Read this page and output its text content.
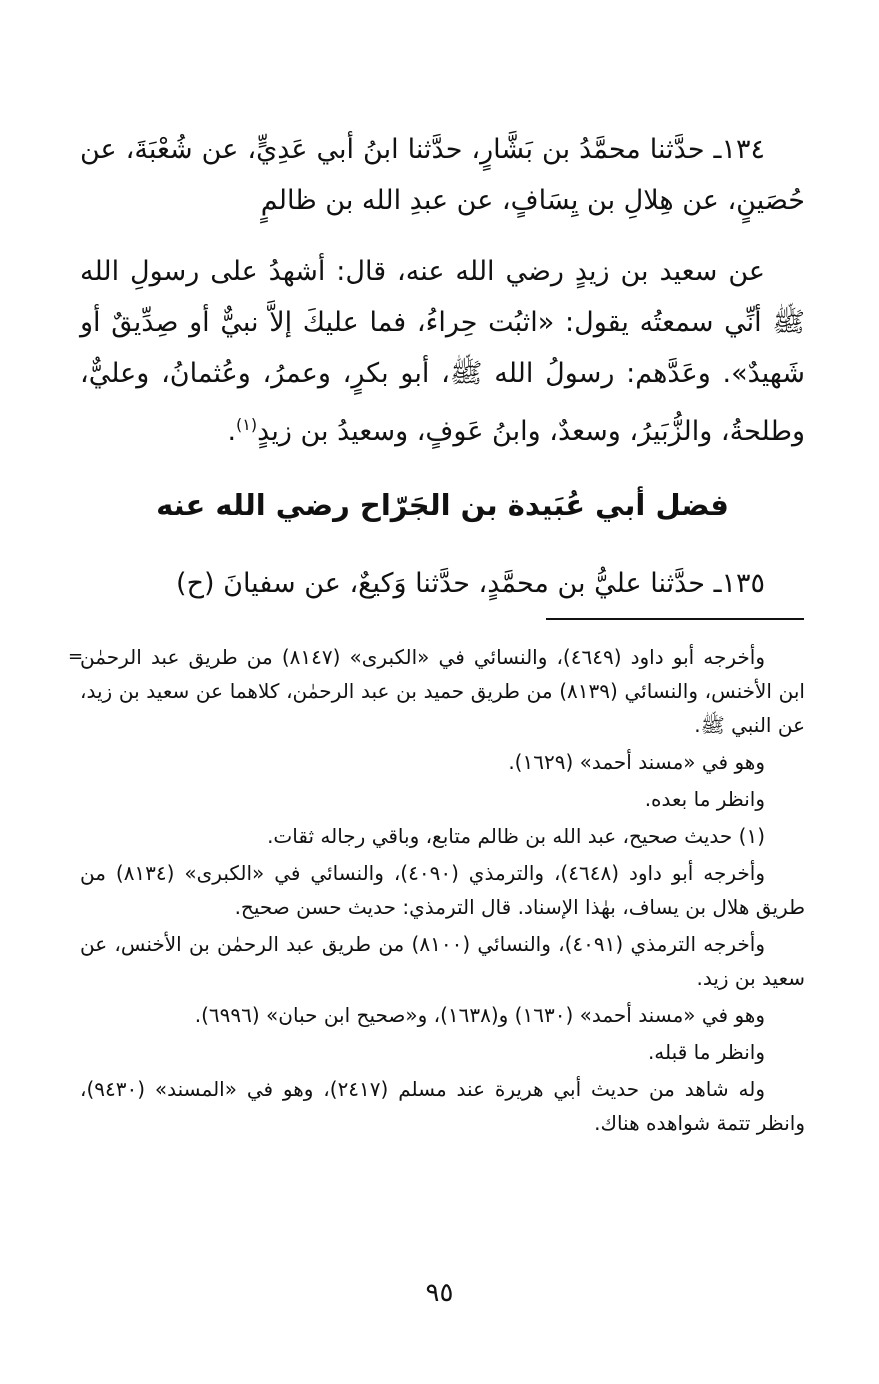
١٣٤ـ حدَّثنا محمَّدُ بن بَشَّارٍ، حدَّثنا ابنُ أبي عَدِيٍّ، عن شُعْبَةَ، عن حُصَينٍ، عن هِلالِ بن يِسَافٍ، عن عبدِ الله بن ظالمٍ

عن سعيد بن زيدٍ رضي الله عنه، قال: أشهدُ على رسولِ الله ﷺ أنِّي سمعتُه يقول: «اثبُت حِراءُ، فما عليكَ إلاَّ نبيٌّ أو صِدِّيقٌ أو شَهيدٌ». وعَدَّهم: رسولُ الله ﷺ، أبو بكرٍ، وعمرُ، وعُثمانُ، وعليٌّ، وطلحةُ، والزُّبَيرُ، وسعدٌ، وابنُ عَوفٍ، وسعيدُ بن زيدٍ$^{(١)}$.

فضل أبي عُبَيدة بن الجَرّاح رضي الله عنه

١٣٥ـ حدَّثنا عليُّ بن محمَّدٍ، حدَّثنا وَكيعٌ، عن سفيانَ (ح)

=

وأخرجه أبو داود (٤٦٤٩)، والنسائي في «الكبرى» (٨١٤٧) من طريق عبد الرحمٰن ابن الأخنس، والنسائي (٨١٣٩) من طريق حميد بن عبد الرحمٰن، كلاهما عن سعيد بن زيد، عن النبي ﷺ.

وهو في «مسند أحمد» (١٦٢٩).

وانظر ما بعده.

(١) حديث صحيح، عبد الله بن ظالم متابع، وباقي رجاله ثقات.

وأخرجه أبو داود (٤٦٤٨)، والترمذي (٤٠٩٠)، والنسائي في «الكبرى» (٨١٣٤) من طريق هلال بن يساف، بهٰذا الإسناد. قال الترمذي: حديث حسن صحيح.

وأخرجه الترمذي (٤٠٩١)، والنسائي (٨١٠٠) من طريق عبد الرحمٰن بن الأخنس، عن سعيد بن زيد.

وهو في «مسند أحمد» (١٦٣٠) و(١٦٣٨)، و«صحيح ابن حبان» (٦٩٩٦).

وانظر ما قبله.

وله شاهد من حديث أبي هريرة عند مسلم (٢٤١٧)، وهو في «المسند» (٩٤٣٠)، وانظر تتمة شواهده هناك.

٩٥
